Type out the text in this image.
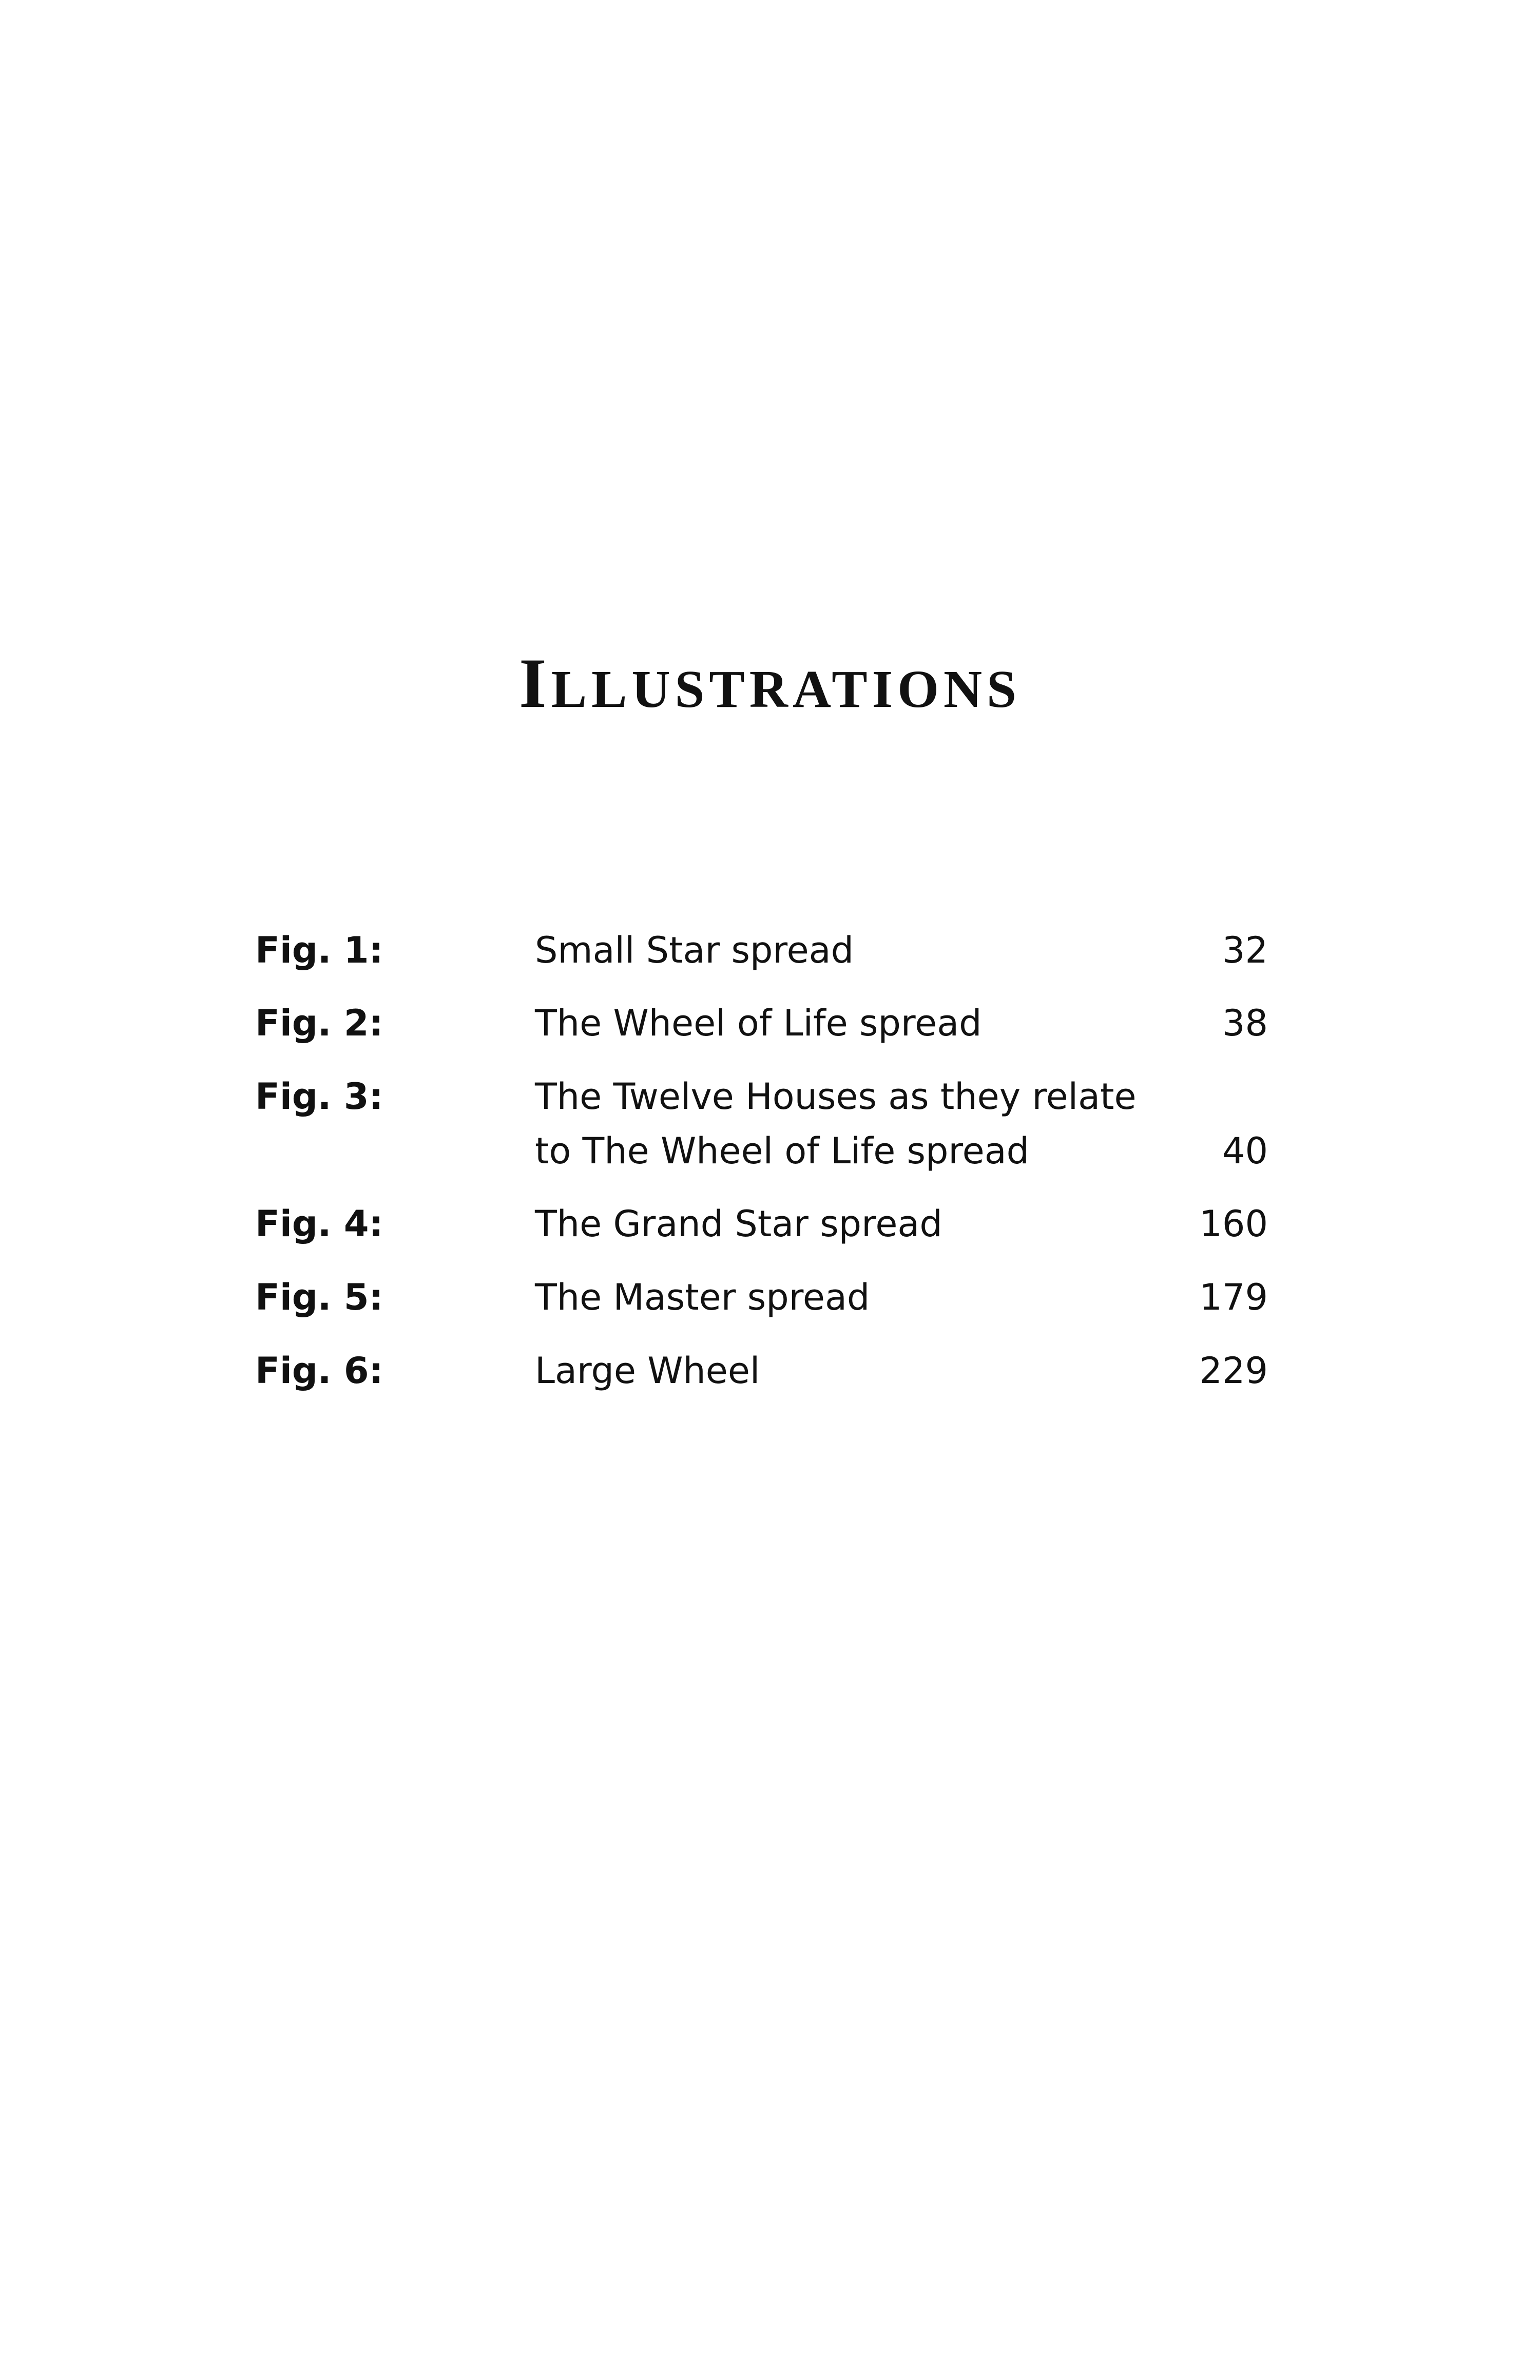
ILLUSTRATIONS
Fig. 1:	Small Star spread	32
Fig. 2:	The Wheel of Life spread	38
Fig. 3:	The Twelve Houses as they relate
to The Wheel of Life spread	40
Fig. 4:	The Grand Star spread	160
Fig. 5:	The Master spread	179
Fig. 6:	Large Wheel	229
